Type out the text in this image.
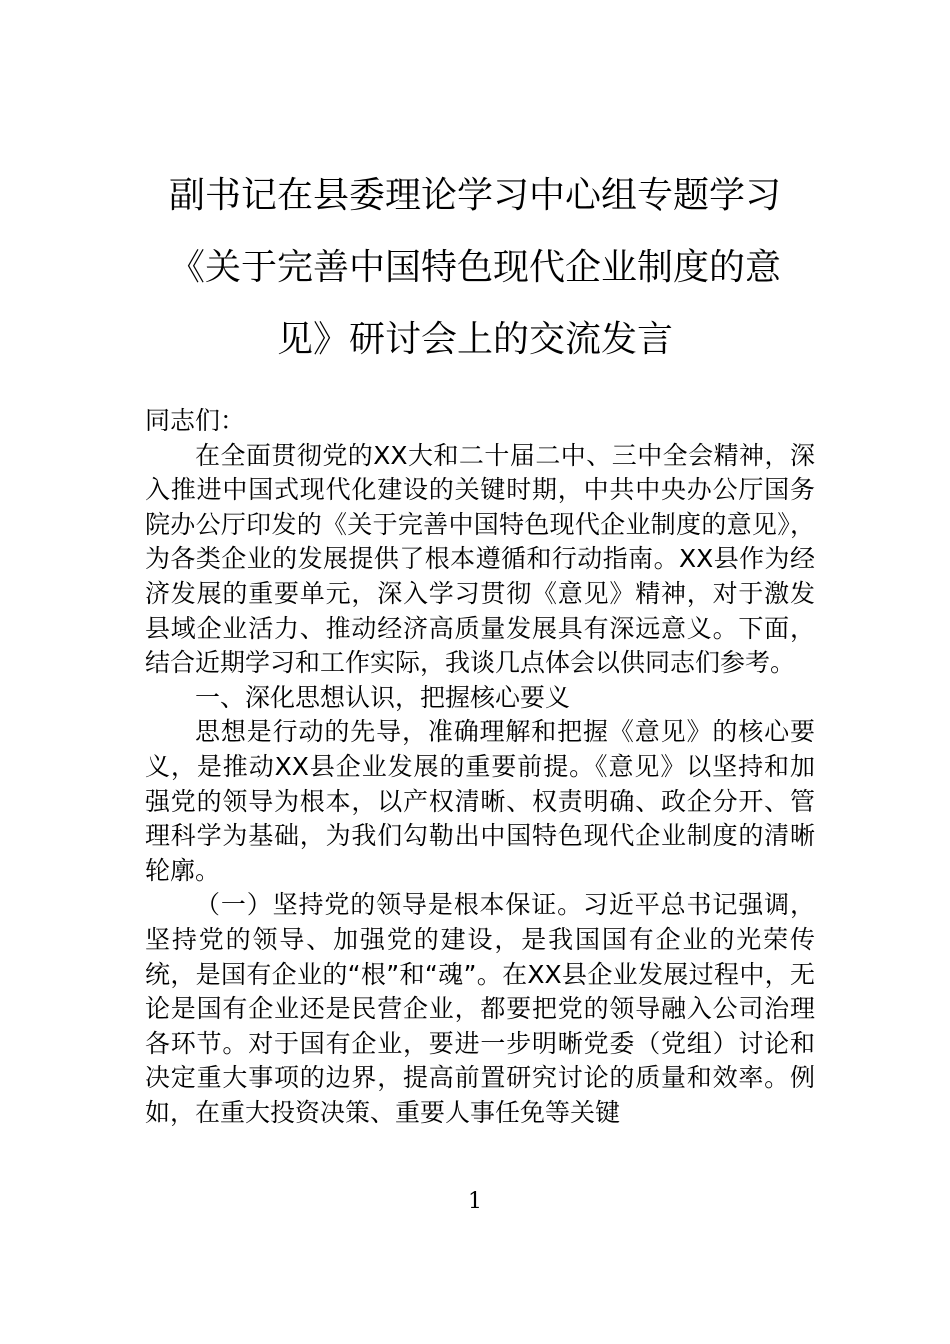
副书记在县委理论学习中心组专题学习
《关于完善中国特色现代企业制度的意
见》研讨会上的交流发言

同志们：

在全面贯彻党的XX大和二十届二中、三中全会精神，深入推进中国式现代化建设的关键时期，中共中央办公厅国务院办公厅印发的《关于完善中国特色现代企业制度的意见》，为各类企业的发展提供了根本遵循和行动指南。XX县作为经济发展的重要单元，深入学习贯彻《意见》精神，对于激发县域企业活力、推动经济高质量发展具有深远意义。下面，结合近期学习和工作实际，我谈几点体会以供同志们参考。

一、深化思想认识，把握核心要义

思想是行动的先导，准确理解和把握《意见》的核心要义，是推动XX县企业发展的重要前提。《意见》以坚持和加强党的领导为根本，以产权清晰、权责明确、政企分开、管理科学为基础，为我们勾勒出中国特色现代企业制度的清晰轮廓。

（一）坚持党的领导是根本保证。习近平总书记强调，坚持党的领导、加强党的建设，是我国国有企业的光荣传统，是国有企业的“根”和“魂”。在XX县企业发展过程中，无论是国有企业还是民营企业，都要把党的领导融入公司治理各环节。对于国有企业，要进一步明晰党委（党组）讨论和决定重大事项的边界，提高前置研究讨论的质量和效率。例如，在重大投资决策、重要人事任免等关键

1
